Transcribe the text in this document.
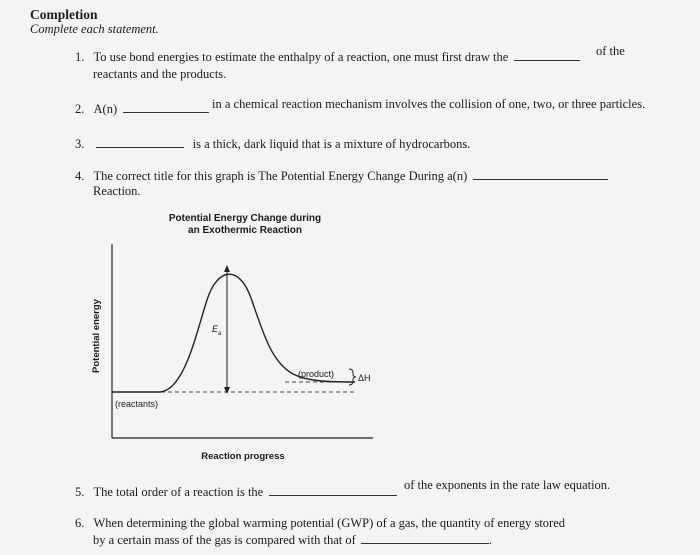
Completion
Complete each statement.
1. To use bond energies to estimate the enthalpy of a reaction, one must first draw the	of the
reactants and the products.
2. A(n)	in a chemical reaction mechanism involves the collision of one, two, or three particles.
3.	is a thick, dark liquid that is a mixture of hydrocarbons.
4. The correct title for this graph is The Potential Energy Change During a(n)
Reaction.
Potential Energy Change during
an Exothermic Reaction
Potential energy	E a
(reactants)
(product)	ΔH
Reaction progress
5. The total order of a reaction is the	of the exponents in the rate law equation.
6. When determining the global warming potential (GWP) of a gas, the quantity of energy stored
by a certain mass of the gas is compared with that of	.
